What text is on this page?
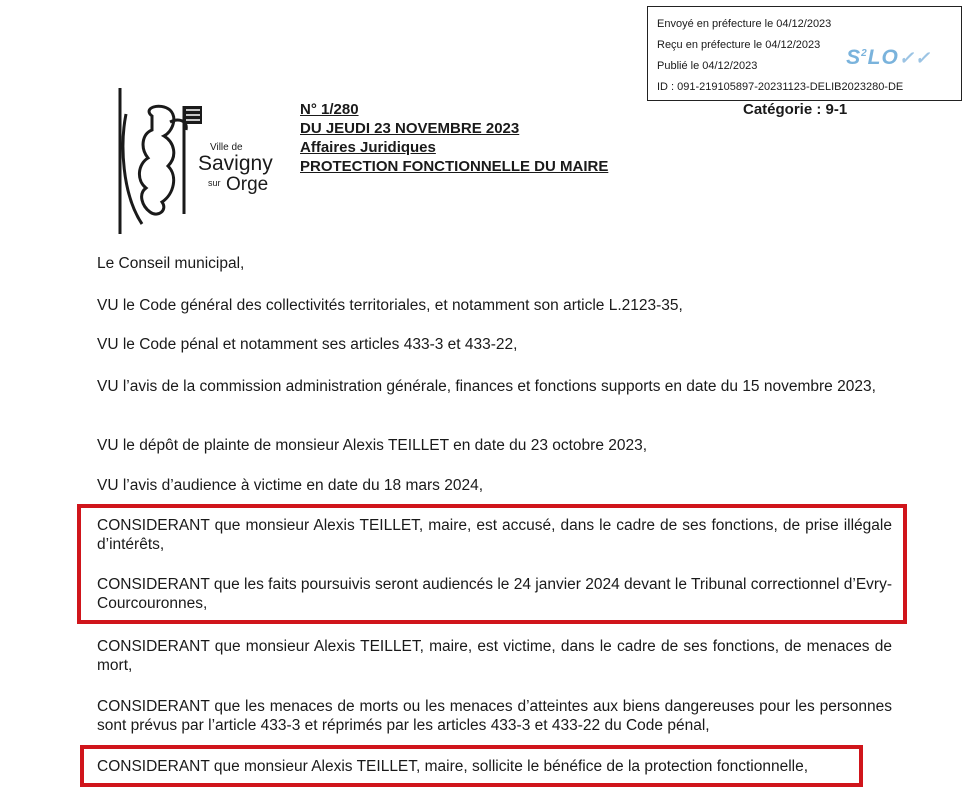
Envoyé en préfecture le 04/12/2023
Reçu en préfecture le 04/12/2023
Publié le 04/12/2023
ID : 091-219105897-20231123-DELIB2023280-DE
$S^2LO✓✓$
Catégorie : 9-1
Ville de
Savigny
sur Orge
N° 1/280
DU JEUDI 23 NOVEMBRE 2023
Affaires Juridiques
PROTECTION FONCTIONNELLE DU MAIRE

Le Conseil municipal,

VU le Code général des collectivités territoriales, et notamment son article L.2123-35,

VU le Code pénal et notamment ses articles 433-3 et 433-22,

VU l’avis de la commission administration générale, finances et fonctions supports en date du 15 novembre 2023,

VU le dépôt de plainte de monsieur Alexis TEILLET en date du 23 octobre 2023,

VU l’avis d’audience à victime en date du 18 mars 2024,

CONSIDERANT que monsieur Alexis TEILLET, maire, est accusé, dans le cadre de ses fonctions, de prise illégale d’intérêts,

CONSIDERANT que les faits poursuivis seront audiencés le 24 janvier 2024 devant le Tribunal correctionnel d’Evry-Courcouronnes,

CONSIDERANT que monsieur Alexis TEILLET, maire, est victime, dans le cadre de ses fonctions, de menaces de mort,

CONSIDERANT que les menaces de morts ou les menaces d’atteintes aux biens dangereuses pour les personnes sont prévus par l’article 433-3 et réprimés par les articles 433-3 et 433-22 du Code pénal,

CONSIDERANT que monsieur Alexis TEILLET, maire, sollicite le bénéfice de la protection fonctionnelle,
